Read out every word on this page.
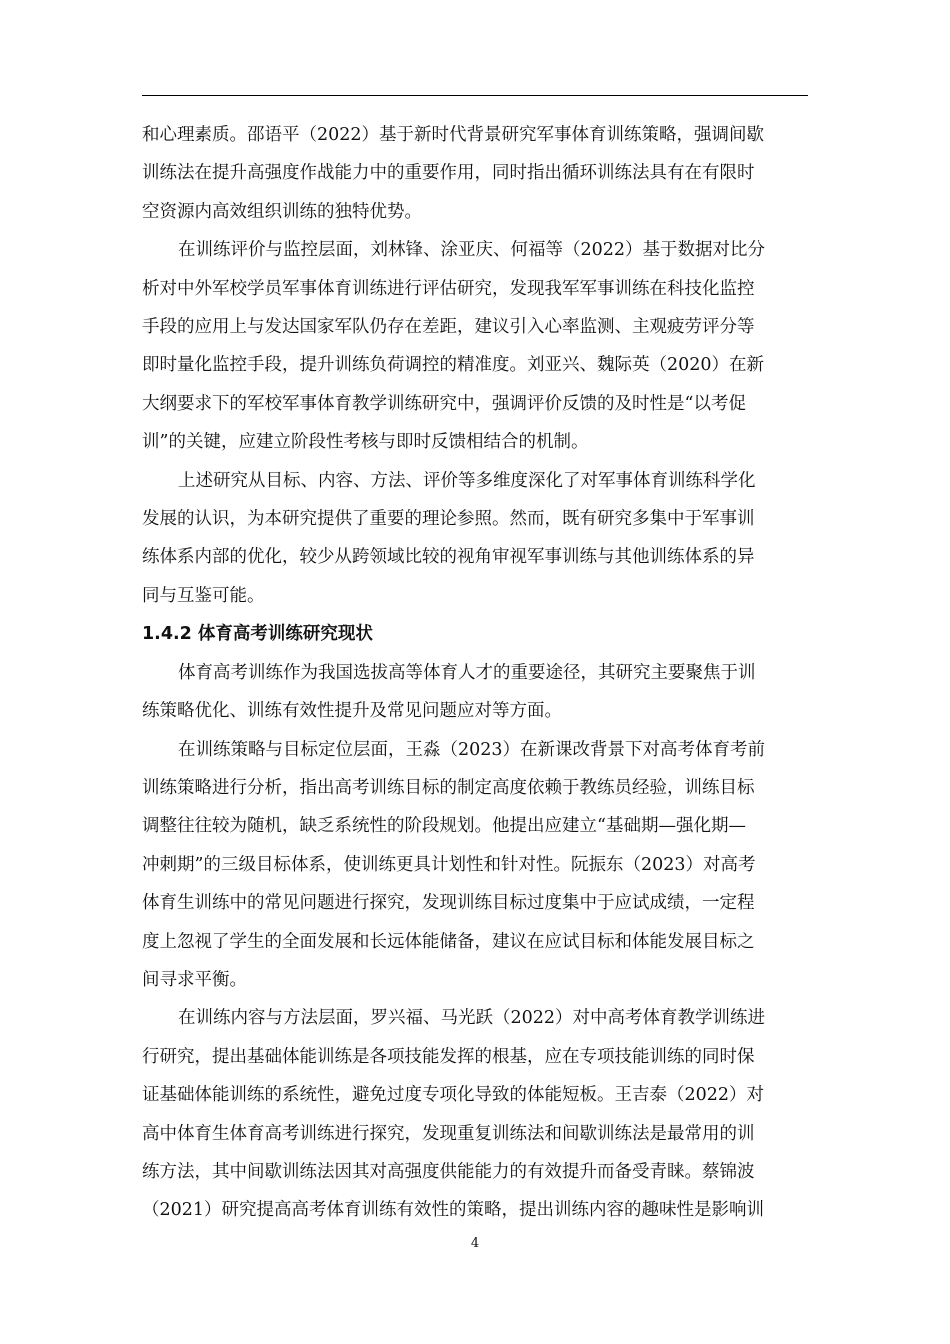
和心理素质。邵语平（2022）基于新时代背景研究军事体育训练策略，强调间歇
训练法在提升高强度作战能力中的重要作用，同时指出循环训练法具有在有限时
空资源内高效组织训练的独特优势。

在训练评价与监控层面，刘林锋、涂亚庆、何福等（2022）基于数据对比分
析对中外军校学员军事体育训练进行评估研究，发现我军军事训练在科技化监控
手段的应用上与发达国家军队仍存在差距，建议引入心率监测、主观疲劳评分等
即时量化监控手段，提升训练负荷调控的精准度。刘亚兴、魏际英（2020）在新
大纲要求下的军校军事体育教学训练研究中，强调评价反馈的及时性是“以考促
训”的关键，应建立阶段性考核与即时反馈相结合的机制。

上述研究从目标、内容、方法、评价等多维度深化了对军事体育训练科学化
发展的认识，为本研究提供了重要的理论参照。然而，既有研究多集中于军事训
练体系内部的优化，较少从跨领域比较的视角审视军事训练与其他训练体系的异
同与互鉴可能。

1.4.2 体育高考训练研究现状

体育高考训练作为我国选拔高等体育人才的重要途径，其研究主要聚焦于训
练策略优化、训练有效性提升及常见问题应对等方面。

在训练策略与目标定位层面，王淼（2023）在新课改背景下对高考体育考前
训练策略进行分析，指出高考训练目标的制定高度依赖于教练员经验，训练目标
调整往往较为随机，缺乏系统性的阶段规划。他提出应建立“基础期—强化期—
冲刺期”的三级目标体系，使训练更具计划性和针对性。阮振东（2023）对高考
体育生训练中的常见问题进行探究，发现训练目标过度集中于应试成绩，一定程
度上忽视了学生的全面发展和长远体能储备，建议在应试目标和体能发展目标之
间寻求平衡。

在训练内容与方法层面，罗兴福、马光跃（2022）对中高考体育教学训练进
行研究，提出基础体能训练是各项技能发挥的根基，应在专项技能训练的同时保
证基础体能训练的系统性，避免过度专项化导致的体能短板。王吉泰（2022）对
高中体育生体育高考训练进行探究，发现重复训练法和间歇训练法是最常用的训
练方法，其中间歇训练法因其对高强度供能能力的有效提升而备受青睐。蔡锦波
（2021）研究提高高考体育训练有效性的策略，提出训练内容的趣味性是影响训

4
